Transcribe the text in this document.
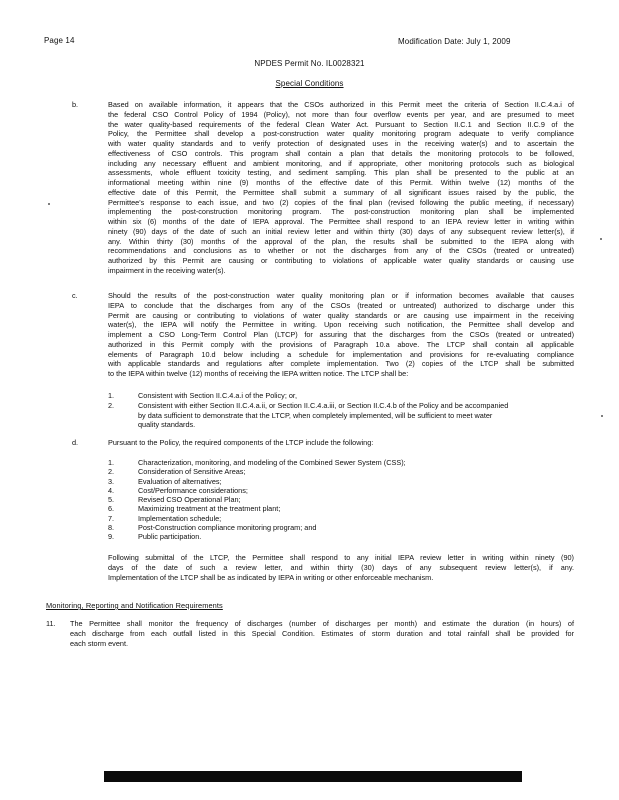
Page 14	Modification Date: July 1, 2009
NPDES Permit No. IL0028321
Special Conditions
b.	Based on available information, it appears that the CSOs authorized in this Permit meet the criteria of Section II.C.4.a.i of
the federal CSO Control Policy of 1994 (Policy), not more than four overflow events per year, and are presumed to meet
the water quality-based requirements of the federal Clean Water Act. Pursuant to Section II.C.1 and Section II.C.9 of the
Policy, the Permittee shall develop a post-construction water quality monitoring program adequate to verify compliance
with water quality standards and to verify protection of designated uses in the receiving water(s) and to ascertain the
effectiveness of CSO controls. This program shall contain a plan that details the monitoring protocols to be followed,
including any necessary effluent and ambient monitoring, and if appropriate, other monitoring protocols such as biological
assessments, whole effluent toxicity testing, and sediment sampling. This plan shall be presented to the public at an
informational meeting within nine (9) months of the effective date of this Permit. Within twelve (12) months of the
effective date of this Permit, the Permittee shall submit a summary of all significant issues raised by the public, the
Permittee's response to each issue, and two (2) copies of the final plan (revised following the public meeting, if necessary)
implementing the post-construction monitoring program. The post-construction monitoring plan shall be implemented
within six (6) months of the date of IEPA approval. The Permittee shall respond to an IEPA review letter in writing within
ninety (90) days of the date of such an initial review letter and within thirty (30) days of any subsequent review letter(s), if
any. Within thirty (30) months of the approval of the plan, the results shall be submitted to the IEPA along with
recommendations and conclusions as to whether or not the discharges from any of the CSOs (treated or untreated)
authorized by this Permit are causing or contributing to violations of applicable water quality standards or causing use
impairment in the receiving water(s).
c.	Should the results of the post-construction water quality monitoring plan or if information becomes available that causes
IEPA to conclude that the discharges from any of the CSOs (treated or untreated) authorized to discharge under this
Permit are causing or contributing to violations of water quality standards or are causing use impairment in the receiving
water(s), the IEPA will notify the Permittee in writing. Upon receiving such notification, the Permittee shall develop and
implement a CSO Long-Term Control Plan (LTCP) for assuring that the discharges from the CSOs (treated or untreated)
authorized in this Permit comply with the provisions of Paragraph 10.a above. The LTCP shall contain all applicable
elements of Paragraph 10.d below including a schedule for implementation and provisions for re-evaluating compliance
with applicable standards and regulations after complete implementation. Two (2) copies of the LTCP shall be submitted
to the IEPA within twelve (12) months of receiving the IEPA written notice. The LTCP shall be:
1.	Consistent with Section II.C.4.a.i of the Policy; or,
2.	Consistent with either Section II.C.4.a.ii, or Section II.C.4.a.iii, or Section II.C.4.b of the Policy and be accompanied
by data sufficient to demonstrate that the LTCP, when completely implemented, will be sufficient to meet water
quality standards.
d.	Pursuant to the Policy, the required components of the LTCP include the following:
1.	Characterization, monitoring, and modeling of the Combined Sewer System (CSS);
2.	Consideration of Sensitive Areas;
3.	Evaluation of alternatives;
4.	Cost/Performance considerations;
5.	Revised CSO Operational Plan;
6.	Maximizing treatment at the treatment plant;
7.	Implementation schedule;
8.	Post-Construction compliance monitoring program; and
9.	Public participation.
Following submittal of the LTCP, the Permittee shall respond to any initial IEPA review letter in writing within ninety (90)
days of the date of such a review letter, and within thirty (30) days of any subsequent review letter(s), if any.
Implementation of the LTCP shall be as indicated by IEPA in writing or other enforceable mechanism.
Monitoring, Reporting and Notification Requirements
11. The Permittee shall monitor the frequency of discharges (number of discharges per month) and estimate the duration (in hours) of
each discharge from each outfall listed in this Special Condition. Estimates of storm duration and total rainfall shall be provided for
each storm event.
